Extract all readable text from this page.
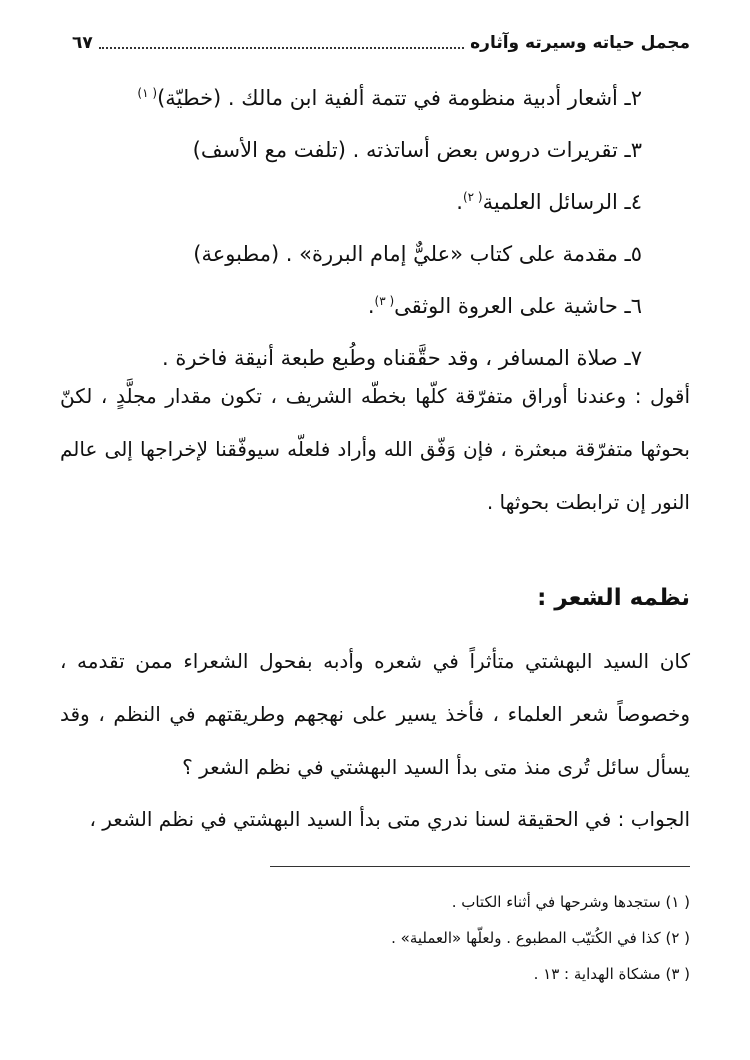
مجمل حياته وسيرته وآثاره
٦٧
٢ـ أشعار أدبية منظومة في تتمة ألفية ابن مالك . (خطيّة)$^{( ١)}$
٣ـ تقريرات دروس بعض أساتذته . (تلفت مع الأسف)
٤ـ الرسائل العلمية$^{( ٢)}$.
٥ـ مقدمة على كتاب «عليٌّ إمام البررة» . (مطبوعة)
٦ـ حاشية على العروة الوثقى$^{( ٣)}$.
٧ـ صلاة المسافر ، وقد حقَّقناه وطُبع طبعة أنيقة فاخرة .
أقول : وعندنا أوراق متفرّقة كلّها بخطّه الشريف ، تكون مقدار مجلَّدٍ ، لكنّ بحوثها متفرّقة مبعثرة ، فإن وَفّق الله وأراد فلعلّه سيوفّقنا لإخراجها إلى عالم النور إن ترابطت بحوثها .
نظمه الشعر :
كان السيد البهشتي متأثراً في شعره وأدبه بفحول الشعراء ممن تقدمه ، وخصوصاً شعر العلماء ، فأخذ يسير على نهجهم وطريقتهم في النظم ، وقد يسأل سائل تُرى منذ متى بدأ السيد البهشتي في نظم الشعر ؟
الجواب : في الحقيقة لسنا ندري متى بدأ السيد البهشتي في نظم الشعر ،
( ١) ستجدها وشرحها في أثناء الكتاب .
( ٢) كذا في الكُتيّب المطبوع . ولعلّها «العملية» .
( ٣) مشكاة الهداية : ١٣ .
